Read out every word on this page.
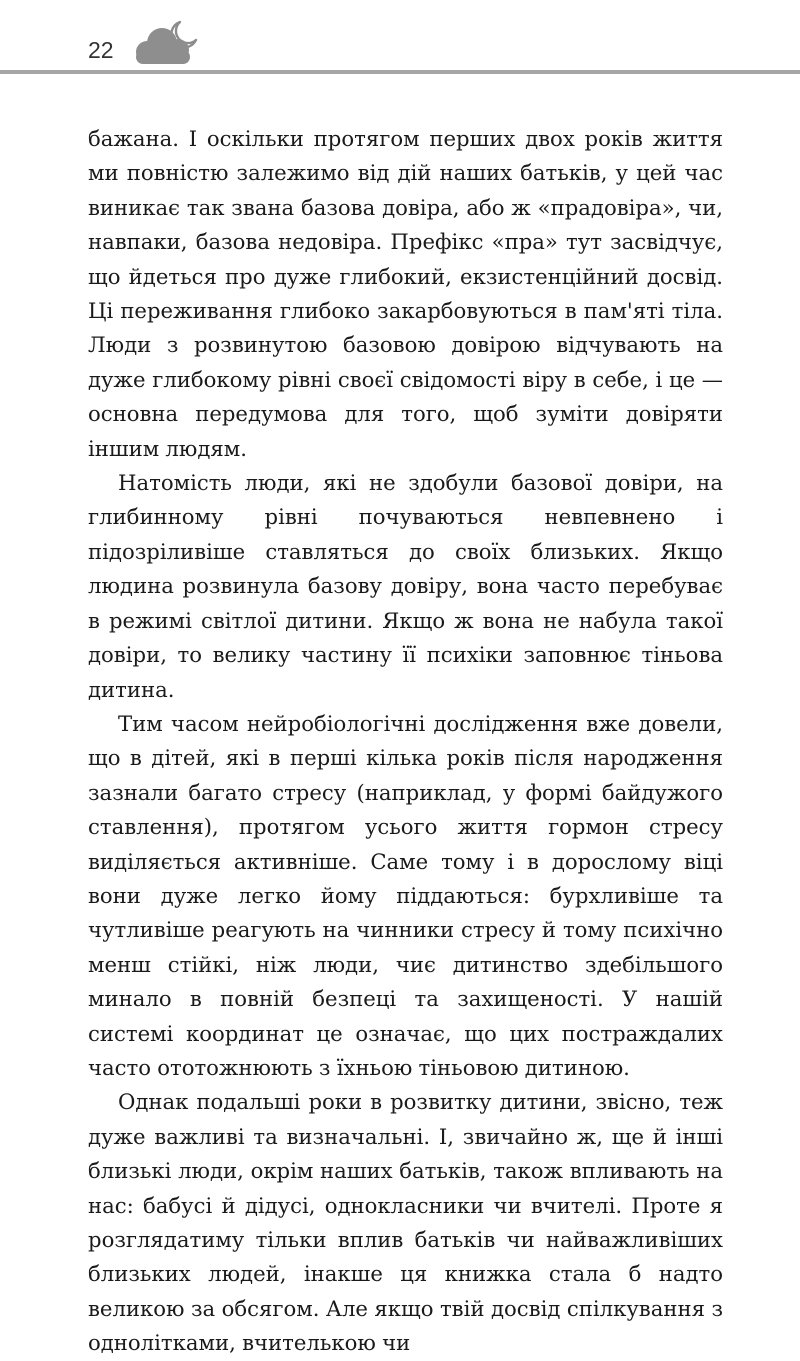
22

бажана. І оскільки протягом перших двох років життя ми повністю залежимо від дій наших батьків, у цей час виникає так звана базова довіра, або ж «прадовіра», чи, навпаки, базова недовіра. Префікс «пра» тут засвідчує, що йдеться про дуже глибокий, екзистенційний досвід. Ці переживання глибоко закарбовуються в пам'яті тіла. Люди з розвинутою базовою довірою відчувають на дуже глибокому рівні своєї свідомості віру в себе, і це — основна передумова для того, щоб зуміти довіряти іншим людям.

Натомість люди, які не здобули базової довіри, на глибинному рівні почуваються невпевнено і підозріливіше ставляться до своїх близьких. Якщо людина розвинула базову довіру, вона часто перебуває в режимі світлої дитини. Якщо ж вона не набула такої довіри, то велику частину її психіки заповнює тіньова дитина.

Тим часом нейробіологічні дослідження вже довели, що в дітей, які в перші кілька років після народження зазнали багато стресу (наприклад, у формі байдужого ставлення), протягом усього життя гормон стресу виділяється активніше. Саме тому і в дорослому віці вони дуже легко йому піддаються: бурхливіше та чутливіше реагують на чинники стресу й тому психічно менш стійкі, ніж люди, чиє дитинство здебільшого минало в повній безпеці та захищеності. У нашій системі координат це означає, що цих постраждалих часто ототожнюють з їхньою тіньовою дитиною.

Однак подальші роки в розвитку дитини, звісно, теж дуже важливі та визначальні. І, звичайно ж, ще й інші близькі люди, окрім наших батьків, також впливають на нас: бабусі й дідусі, однокласники чи вчителі. Проте я розглядатиму тільки вплив батьків чи найважливіших близьких людей, інакше ця книжка стала б надто великою за обсягом. Але якщо твій досвід спілкування з однолітками, вчителькою чи
